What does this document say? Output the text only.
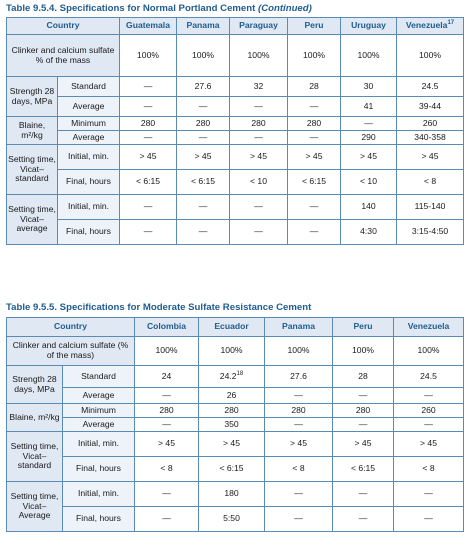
Table 9.5.4. Specifications for Normal Portland Cement (Continued)
Country		Guatemala	Panama	Paraguay	Peru	Uruguay	Venezuela$^{17}$
Clinker and calcium sulfate % of the mass		100%	100%	100%	100%	100%	100%
Strength 28 days, MPa	Standard	—	27.6	32	28	30	24.5
	Average	—	—	—	—	41	39-44
Blaine, m²/kg	Minimum	280	280	280	280	—	260
	Average	—	—	—	—	290	340-358
Setting time, Vicat– standard	Initial, min.	> 45	> 45	> 45	> 45	> 45	> 45
	Final, hours	< 6:15	< 6:15	< 10	< 6:15	< 10	< 8
Setting time, Vicat– average	Initial, min.	—	—	—	—	140	115-140
	Final, hours	—	—	—	—	4:30	3:15-4:50
Table 9.5.5. Specifications for Moderate Sulfate Resistance Cement
Country		Colombia	Ecuador	Panama	Peru	Venezuela
Clinker and calcium sulfate (% of the mass)		100%	100%	100%	100%	100%
Strength 28 days, MPa	Standard	24	24.2$^{18}$	27.6	28	24.5
	Average	—	26	—	—	—
Blaine, m²/kg	Minimum	280	280	280	280	260
	Average	—	350	—	—	—
Setting time, Vicat– standard	Initial, min.	> 45	> 45	> 45	> 45	> 45
	Final, hours	< 8	< 6:15	< 8	< 6:15	< 8
Setting time, Vicat– Average	Initial, min.	—	180	—	—	—
	Final, hours	—	5:50	—	—	—
